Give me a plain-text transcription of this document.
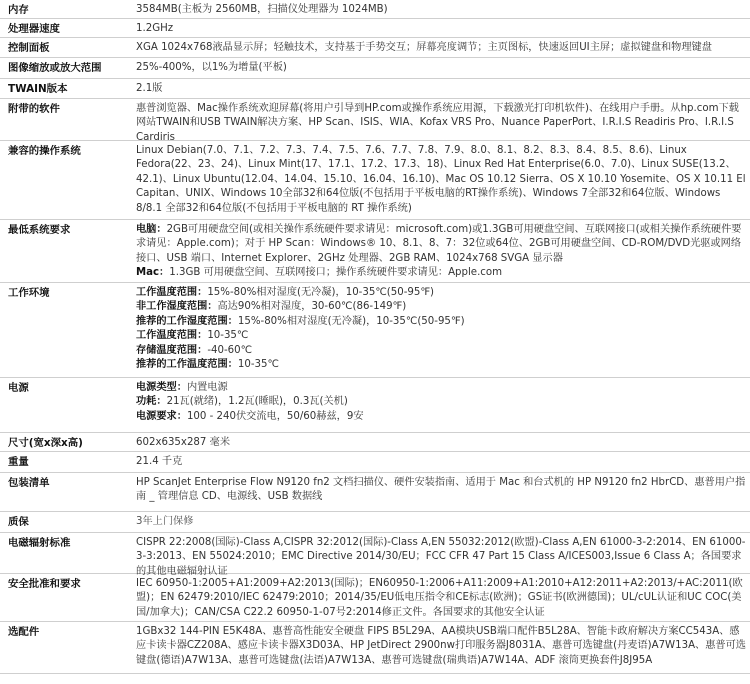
内存	3584MB(主板为 2560MB，扫描仪处理器为 1024MB)
处理器速度	1.2GHz
控制面板	XGA 1024x768液晶显示屏；轻触技术，支持基于手势交互；屏幕亮度调节；主页图标，快速返回UI主屏；虚拟键盘和物理键盘
图像缩放或放大范围	25%-400%，以1%为增量(平板)
TWAIN版本	2.1版
附带的软件	惠普浏览器、Mac操作系统欢迎屏幕(将用户引导到HP.com或操作系统应用源，下载激光打印机软件)、在线用户手册。从hp.com下载网站TWAIN和USB TWAIN解决方案、HP Scan、ISIS、WIA、Kofax VRS Pro、Nuance PaperPort、I.R.I.S Readiris Pro、I.R.I.S Cardiris
兼容的操作系统	Linux Debian(7.0、7.1、7.2、7.3、7.4、7.5、7.6、7.7、7.8、7.9、8.0、8.1、8.2、8.3、8.4、8.5、8.6)、Linux Fedora(22、23、24)、Linux Mint(17、17.1、17.2、17.3、18)、Linux Red Hat Enterprise(6.0、7.0)、Linux SUSE(13.2、42.1)、Linux Ubuntu(12.04、14.04、15.10、16.04、16.10)、Mac OS 10.12 Sierra、OS X 10.10 Yosemite、OS X 10.11 El Capitan、UNIX、Windows 10全部32和64位版(不包括用于平板电脑的RT操作系统)、Windows 7全部32和64位版、Windows 8/8.1 全部32和64位版(不包括用于平板电脑的 RT 操作系统)
最低系统要求	电脑：2GB可用硬盘空间(或相关操作系统硬件要求请见：microsoft.com)或1.3GB可用硬盘空间、互联网接口(或相关操作系统硬件要求请见：Apple.com)；对于 HP Scan：Windows® 10、8.1、8、7：32位或64位、2GB可用硬盘空间、CD-ROM/DVD光驱或网络接口、USB 端口、Internet Explorer、2GHz 处理器、2GB RAM、1024x768 SVGA 显示器
Mac：1.3GB 可用硬盘空间、互联网接口；操作系统硬件要求请见：Apple.com
工作环境	工作温度范围：15%-80%相对湿度(无冷凝)，10-35℃(50-95℉)
非工作湿度范围：高达90%相对湿度，30-60℃(86-149℉)
推荐的工作湿度范围：15%-80%相对湿度(无冷凝)，10-35℃(50-95℉)
工作温度范围：10-35℃
存储温度范围：-40-60℃
推荐的工作温度范围：10-35℃
电源	电源类型：内置电源
功耗：21瓦(就绪)，1.2瓦(睡眠)，0.3瓦(关机)
电源要求：100 - 240伏交流电，50/60赫兹，9安
尺寸(宽x深x高)	602x635x287 毫米
重量	21.4 千克
包装清单	HP ScanJet Enterprise Flow N9120 fn2 文档扫描仪、硬件安装指南、适用于 Mac 和台式机的 HP N9120 fn2 HbrCD、惠普用户指南 _ 管理信息 CD、电源线、USB 数据线
质保	3年上门保修
电磁辐射标准	CISPR 22:2008(国际)-Class A,CISPR 32:2012(国际)-Class A,EN 55032:2012(欧盟)-Class A,EN 61000-3-2:2014、EN 61000-3-3:2013、EN 55024:2010；EMC Directive 2014/30/EU；FCC CFR 47 Part 15 Class A/ICES003,Issue 6 Class A；各国要求的其他电磁辐射认证
安全批准和要求	IEC 60950-1:2005+A1:2009+A2:2013(国际)；EN60950-1:2006+A11:2009+A1:2010+A12:2011+A2:2013/+AC:2011(欧 盟)；EN 62479:2010/IEC 62479:2010；2014/35/EU低电压指令和CE标志(欧洲)；GS证书(欧洲德国)；UL/cUL认证和UC COC(美国/加拿大)；CAN/CSA C22.2 60950-1-07号2:2014修正文件。各国要求的其他安全认证
选配件	1GBx32 144-PIN E5K48A、惠普高性能安全硬盘 FIPS B5L29A、AA模块USB端口配件B5L28A、智能卡政府解决方案CC543A、感应卡读卡器CZ208A、感应卡读卡器X3D03A、HP JetDirect 2900nw打印服务器J8031A、惠普可选键盘(丹麦语)A7W13A、惠普可选键盘(德语)A7W13A、惠普可选键盘(法语)A7W13A、惠普可选键盘(瑞典语)A7W14A、ADF 滚筒更换套件J8J95A
